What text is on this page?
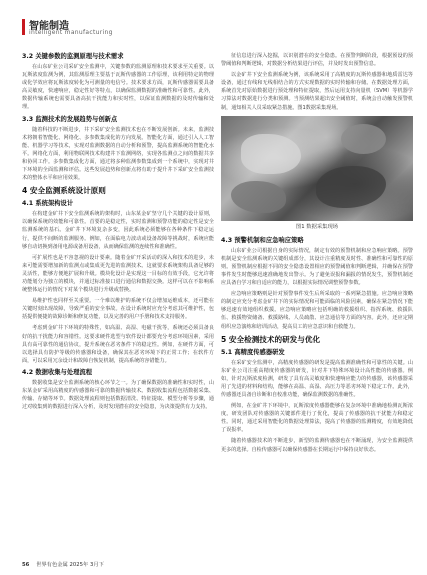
智能制造
intelligent manufacturing
3.2 关键参数的监测原理与技术需求

在山东矿业公司采矿安全监测中，关键参数的监测原理和技术要求至关重要。以瓦斯浓度监测为例，其监测原理主要基于瓦斯传感器的工作原理，该利用特定的物理或化学效应将瓦斯浓度转化为可测量的电信号。技术要求方面，瓦斯传感器需要具备高灵敏度，快速响应，稳定性好等特点，以确保监测数据的准确性和可靠性。此外，数据传输系统也需要具备高抗干扰能力和实时性，以保证监测数据的及时传输和处理。

3.3 监测技术的发展趋势与创新点

随着科技的不断进步，井下采矿安全监测技术也在不断发展创新。未来，监测技术将朝着智能化、网络化、多参数集成化的方向发展。智能化方面，通过引入人工智能、机器学习等技术，实现对监测数据的自动分析和预警，提高监测系统的智能化水平。网络化方面，利用物联网技术构建井下监测网络，实现各监测点之间的数据共享和协同工作。多参数集成化方面，通过将多种监测参数集成到一个系统中，实现对井下环境的全面监测和评估。这些发展趋势和创新点将有助于提升井下采矿安全监测技术的整体水平和应用效果。

4 安全监测系统设计原则
4.1 系统架构设计

在构建金矿井下安全监测系统的架构时，山东某金矿坚守几个关键的设计原则，以确保系统的效能和可靠性。首要的是稳定性，实时监测和预警功能的稳定性是安全监测系统的基石。金矿井下环境复杂多变，因此系统必须能够在各种条件下稳定运行，提供不间断的监测服务。例如，在面临电力波动或设备故障等挑战时，系统应能够自动切换到备用电源或备用设备，从而确保监测的连续性和准确性。

可扩展性也是不容忽视的设计要素。随着金矿开采活动的深入和技术的进步，未来可能需要增加新的监测点或集成更先进的监测技术。这就要求系统架构具备足够的灵活性，能够方便地扩展和升级。模块化设计是实现这一目标的有效手段，它允许将功能划分为独立的模块，并通过标准接口进行通信和数据交换。这样可以在不影响系统整体运行的情况下对某个模块进行升级或替换。

易维护性也同样至关重要。一个难以维护的系统不仅会增加运维成本，还可能在关键时刻出现故障，导致严重的安全事故。在设计系统时应充分考虑其可维护性，包括提供便捷的故障诊断和修复功能，以及完善的用户手册和技术支持服务。

考虑到金矿井下环境的特殊性，如高温、高湿、电磁干扰等，系统还必须具备良好的抗干扰能力和容错性。这要求硬件选型与软件设计都要充分考虑环境因素，采用具有高可靠性的通信协议，提升系统在恶劣条件下的稳定性。例如，在硬件方面，可以选择具有防护等级的传感器和设备，确保其在恶劣环境下的正常工作；在软件方面，可以采用冗余设计和故障自恢复机制，提高系统的容错能力。

4.2 数据收集与处理流程

数据收集是安全监测系统的核心环节之一。为了确保数据的准确性和实时性，山东某金矿采用高精度的传感器和可靠的数据传输技术。数据收集流程包括数据采集、传输、存储等环节。数据处理流程则包括数据清洗、特征提取、模型分析等步骤，通过对收集到的数据进行深入分析，及时发现潜在的安全隐患，为决策提供有力支持。

征信息进行深入挖掘，以识别潜在的安全隐患。在预警判断阶段，根据预设的预警阈值和判断逻辑，对数据分析结果进行评估，并及时发出预警信息。

以金矿井下安全监测系统为例，该系统采用了高精度的瓦斯传感器和地质雷达等设备，通过有线和无线相结合的方式实现数据的实时传输和存储。在数据处理方面，系统首先对原始数据进行预处理和特征提取，然后运用支持向量机（SVM）等机器学习算法对数据进行分类和预测。当预测结果超出安全阈值时，系统会自动触发预警机制，通知相关人员采取紧急措施。图1数据采集现场。

图1 数据采集现场
4.3 预警机制和应急响应策略

山东矿业公司根据自身的实际情况，制定有效的预警机制和应急响应策略。预警机制是安全监测系统的关键组成部分，其设计注重精度及时性、准确性和可靠性的原则。预警机制应根据不同的安全隐患设置相应的预警阈值和判断逻辑，并确保在预警事件发生时能够迅速准确地发出警示。为了避免误报和漏报的情况发生，预警机制还应具备自学习和自适应的能力，以根据实际情况调整预警参数。

应急响应策略则是针对预警事件发生后所采取的一系列紧急措施。应急响应策略的制定应充分考虑金矿井下的实际情况和可能面临的风险因素，确保在紧急情况下能够迅速有效地组织救援。应急响应策略应包括明确的救援组织、指挥系统、救援队伍、救援物资储备、救援路线、人员疏散、应急通信等方面的内容。此外，还应定期组织应急演练和培训活动，提高员工的应急意识和自救能力。

5 安全检测技术的研发与优化
5.1 高精度传感器研发

在采矿安全监测中，高精度传感器的研发是提高监测准确性和可靠性的关键。山东矿业公司注重高精度传感器的研发，针对井下特殊环境设计高性能的传感器。例如，针对瓦斯浓度检测，研发了具有高灵敏度和快速响应能力的传感器，该传感器采用了先进的材料和结构，能够在高温、高湿、高压力等恶劣环境下稳定工作。此外，传感器还具备自诊断和自校准功能，确保监测数据的准确性。

例如，在金矿井下环境中，瓦斯浓度传感器能够在复杂环境中准确地检测瓦斯浓度。研发团队对传感器的关键部件进行了优化，提高了传感器的抗干扰能力和稳定性。同时，通过采用智能化的数据处理算法，提高了传感器的监测精度，有效地降低了误报率。

随着传感器技术的不断进步，新型的监测传感器也在不断涌现，为安全监测提供更多的选择。自检传感器可以确保传感器在长期运行中保持良好状态。

56 世界有色金属 2025年 3月下
